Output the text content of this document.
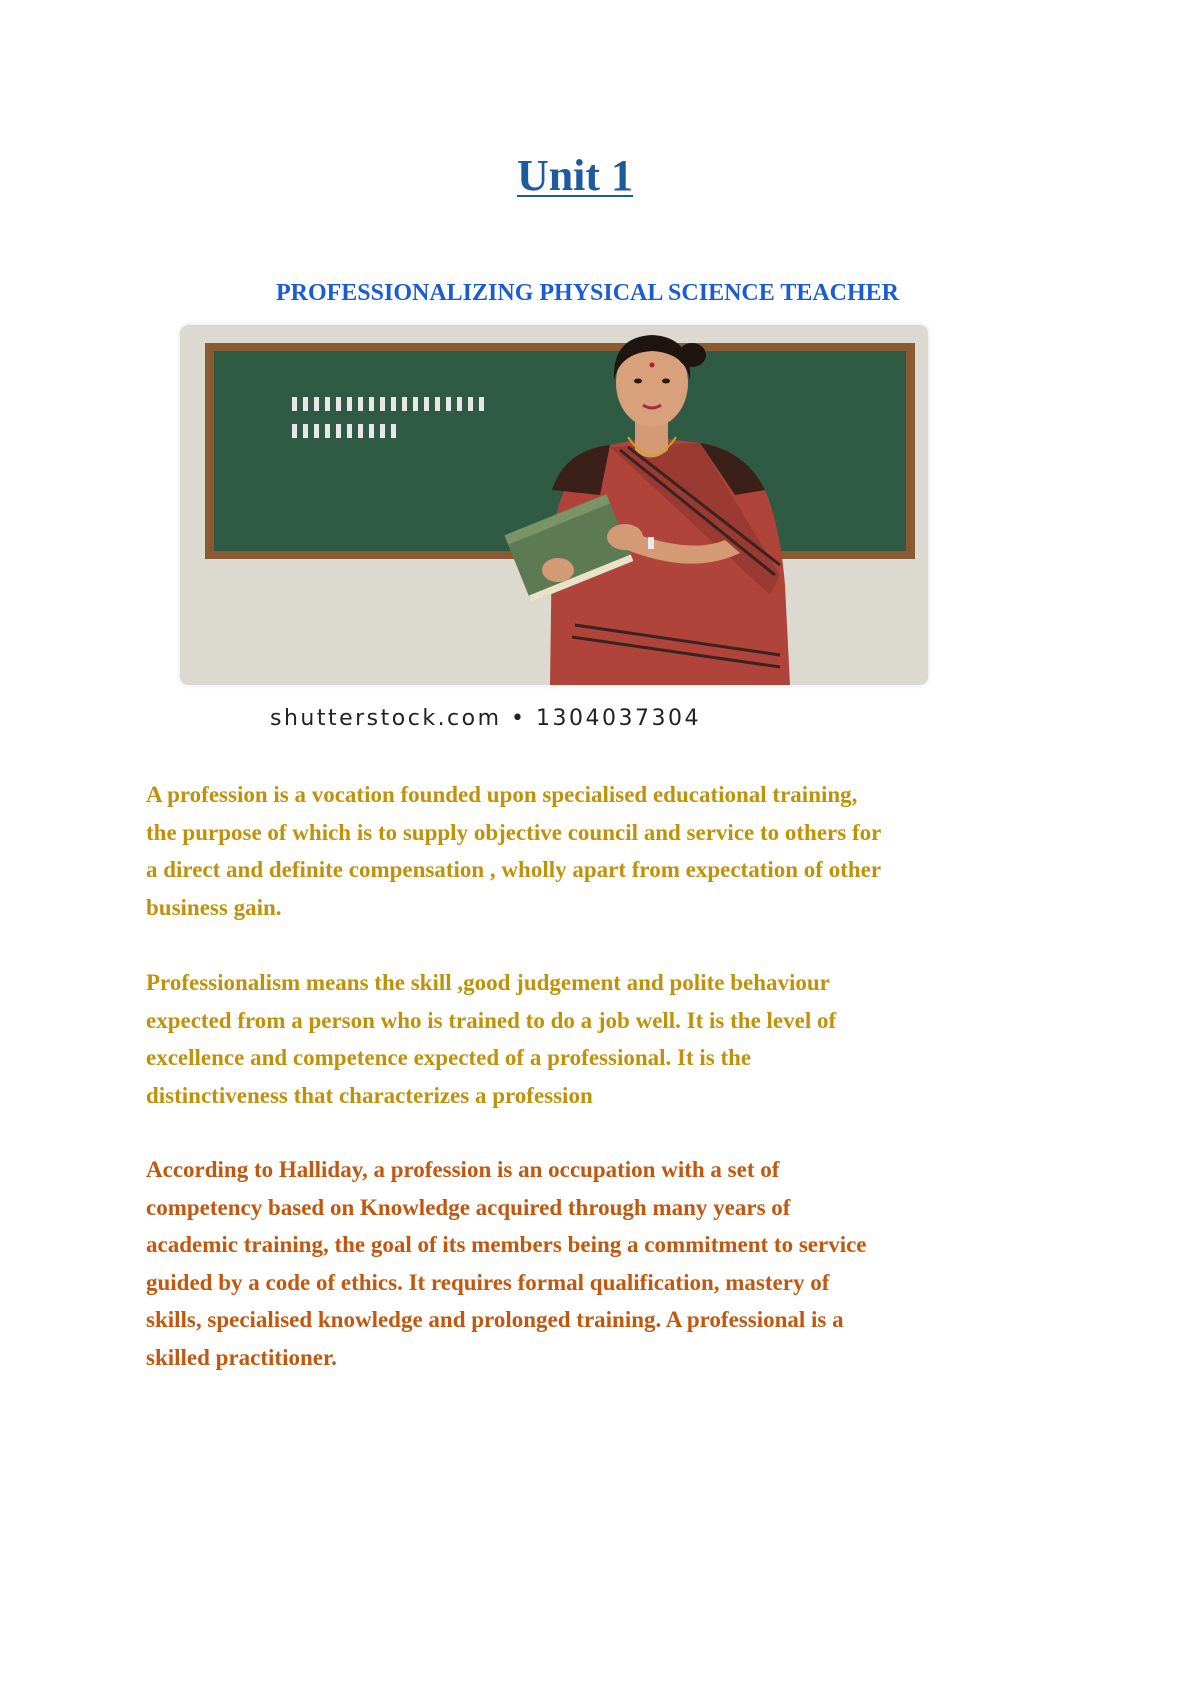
Unit 1
PROFESSIONALIZING PHYSICAL SCIENCE TEACHER

shutterstock.com • 1304037304

A profession is a vocation founded upon specialised educational training,
the purpose of which is to supply objective council and service to others for
a direct and definite compensation , wholly apart from expectation of other
business gain.
Professionalism means the skill ,good judgement and polite behaviour
expected from a person who is trained to do a job well. It is the level of
excellence and competence expected of a professional. It is the
distinctiveness that characterizes a profession
According to Halliday, a profession is an occupation with a set of
competency based on Knowledge acquired through many years of
academic training, the goal of its members being a commitment to service
guided by a code of ethics. It requires formal qualification, mastery of
skills, specialised knowledge and prolonged training. A professional is a
skilled practitioner.
